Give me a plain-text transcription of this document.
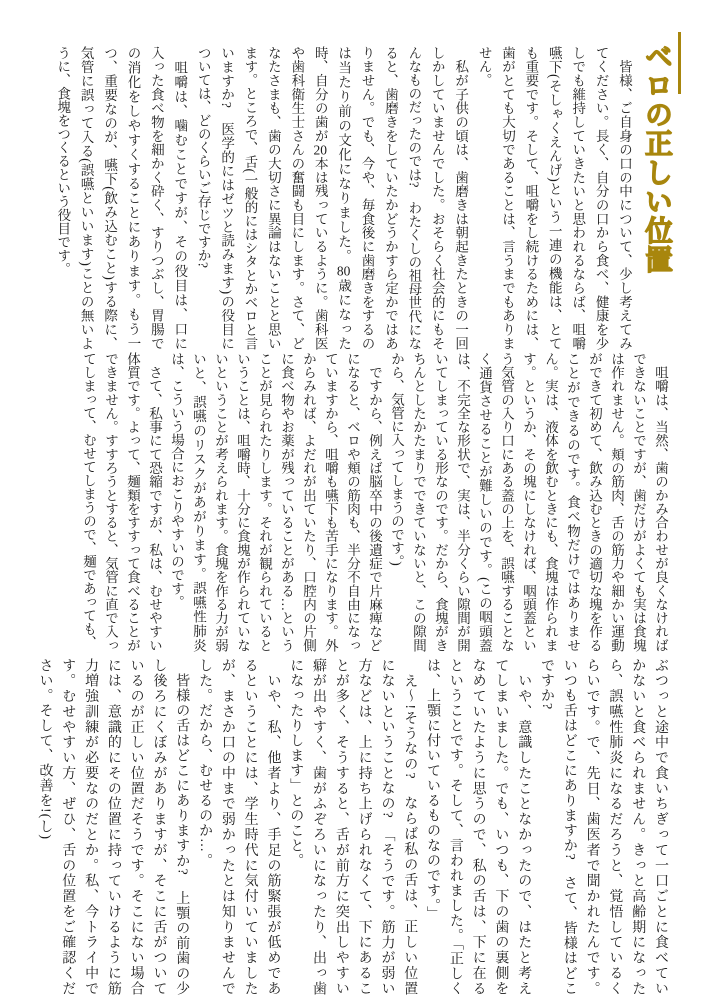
ベロの正しい位置

　皆様、ご自身の口の中について、少し考えてみてください。長く、自分の口から食べ、健康を少しでも維持していきたいと思われるならば、咀嚼嚥下(そしゃくえんげ)という一連の機能は、とても重要です。そして、咀嚼をし続けるためには、歯がとても大切であることは、言うまでもありません。

　私が子供の頃は、歯磨きは朝起きたときの一回しかしていませんでした。おそらく社会的にもそんなものだったのでは?　わたくしの祖母世代になると、歯磨きをしていたかどうかすら定かではありません。でも、今や、毎食後に歯磨きをするのは当たり前の文化になりました。80歳になった時、自分の歯が20本は残っているように。歯科医や歯科衛生士さんの奮闘も目にします。さて、どなたさまも、歯の大切さに異論はないことと思います。ところで、舌(一般的にはシタとかベロと言いますか?　医学的にはゼツと読みます)の役目については、どのくらいご存じですか?

　咀嚼は、噛むことですが、その役目は、口に入った食べ物を細かく砕く、すりつぶし、胃腸での消化をしやすくすることにあります。もう一つ、重要なのが、嚥下(飲み込むこと)する際に、気管に誤って入る(誤嚥といいます)ことの無いように、食塊をつくるという役目です。

　咀嚼は、当然、歯のかみ合わせが良くなければできないことですが、歯だけがよくても実は食塊は作れません。頬の筋肉、舌の筋力や細かい運動ができて初めて、飲み込むときの適切な塊を作ることができるのです。食べ物だけではありません。実は、液体を飲むときにも、食塊は作られます。というか、その塊にしなければ、咽頭蓋という気管の入り口にある蓋の上を、誤嚥することなく通貨させることが難しいのです。(この咽頭蓋は、不完全な形状で、実は、半分くらい隙間が開いてしまっている形なのです。だから、食塊がきちんとしたかたまりでできていないと、この隙間から、気管に入ってしまうのです。)

　ですから、例えば脳卒中の後遺症で片麻痺などになると、ベロや頬の筋肉も、半分不自由になっていますから、咀嚼も嚥下も苦手になります。外からみれば、よだれが出ていたり、口腔内の片側に食べ物やお薬が残っていることがある…ということが見られたりします。それが観られているということは、咀嚼時、十分に食塊が作られていないということが考えられます。食塊を作る力が弱いと、誤嚥のリスクがあがります。誤嚥性肺炎は、こういう場合におこりやすいのです。

　さて、私事にて恐縮ですが、私は、むせやすい体質です。よって、麺類をすすって食べることができません。すすろうとすると、気管に直で入ってしまって、むせてしまうので、麺であっても、

ぶつっと途中で食いちぎって一口ごとに食べていかないと食べられません。きっと高齢期になったら、誤嚥性肺炎になるだろうと、覚悟しているくらいです。で、先日、歯医者で聞かれたんです。いつも舌はどこにありますか?　さて、皆様はどこですか?

　いや、意識したことなかったので、はたと考えてしまいました。でも、いつも、下の歯の裏側をなめていたように思うので、私の舌は、下に在るということです。そして、言われました。「正しくは、上顎に付いているものなのです。」

　え〜!そうなの?　ならば私の舌は、正しい位置にないということなの?　「そうです。筋力が弱い方などは、上に持ち上げられなくて、下にあることが多く、そうすると、舌が前方に突出しやすい癖が出やすく、歯がふぞろいになったり、出っ歯になったりします」とのこと。

　いや、私、他者より、手足の筋緊張が低めであるということには、学生時代に気付いていましたが、まさか口の中まで弱かったとは知りませんでした。だから、むせるのか…。

　皆様の舌はどこにありますか?　上顎の前歯の少し後ろにくぼみがありますが、そこに舌がついているのが正しい位置だそうです。そこにない場合には、意識的にその位置に持っていけるように筋力増強訓練が必要なのだとか。私、今トライ中です。むせやすい方、ぜひ、舌の位置をご確認ください。そして、改善を!(し)
